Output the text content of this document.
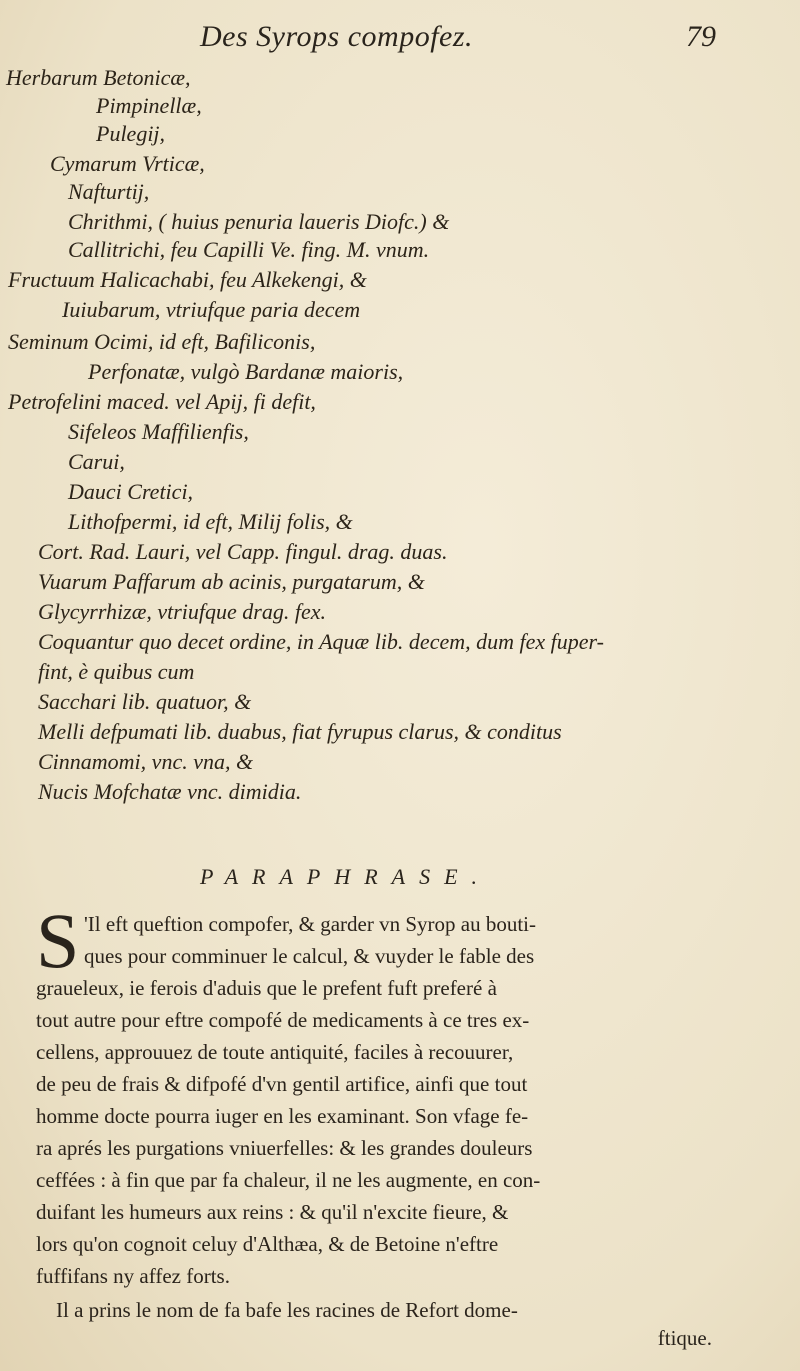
Des Syrops compofez.	79
Herbarum Betonicæ,
Pimpinellæ,
Pulegij,
Cymarum Vrticæ,
Nafturtij,
Chrithmi, ( huius penuria laueris Diofc.) &
Callitrichi, feu Capilli Ve. fing. M. vnum.
Fructuum Halicachabi, feu Alkekengi, &
Iuiubarum, vtriufque paria decem
Seminum Ocimi, id eft, Bafiliconis,
Perfonatæ, vulgò Bardanæ maioris,
Petrofelini maced. vel Apij, fi defit,
Sifeleos Maffilienfis,
Carui,
Dauci Cretici,
Lithofpermi, id eft, Milij folis, &
Cort. Rad. Lauri, vel Capp. fingul. drag. duas.
Vuarum Paffarum ab acinis, purgatarum, &
Glycyrrhizæ, vtriufque drag. fex.
Coquantur quo decet ordine, in Aquæ lib. decem, dum fex fuper-
fint, è quibus cum
Sacchari lib. quatuor, &
Melli defpumati lib. duabus, fiat fyrupus clarus, & conditus
Cinnamomi, vnc. vna, &
Nucis Mofchatæ vnc. dimidia.
PARAPHRASE.
S 'Il eft queftion compofer, & garder vn Syrop au bouti-
ques pour comminuer le calcul, & vuyder le fable des
graueleux, ie ferois d'aduis que le prefent fuft preferé à
tout autre pour eftre compofé de medicaments à ce tres ex-
cellens, approuuez de toute antiquité, faciles à recouurer,
de peu de frais & difpofé d'vn gentil artifice, ainfi que tout
homme docte pourra iuger en les examinant. Son vfage fe-
ra aprés les purgations vniuerfelles: & les grandes douleurs
ceffées : à fin que par fa chaleur, il ne les augmente, en con-
duifant les humeurs aux reins : & qu'il n'excite fieure, &
lors qu'on cognoit celuy d'Althæa, & de Betoine n'eftre
fuffifans ny affez forts.
Il a prins le nom de fa bafe les racines de Refort dome-
ftique.
